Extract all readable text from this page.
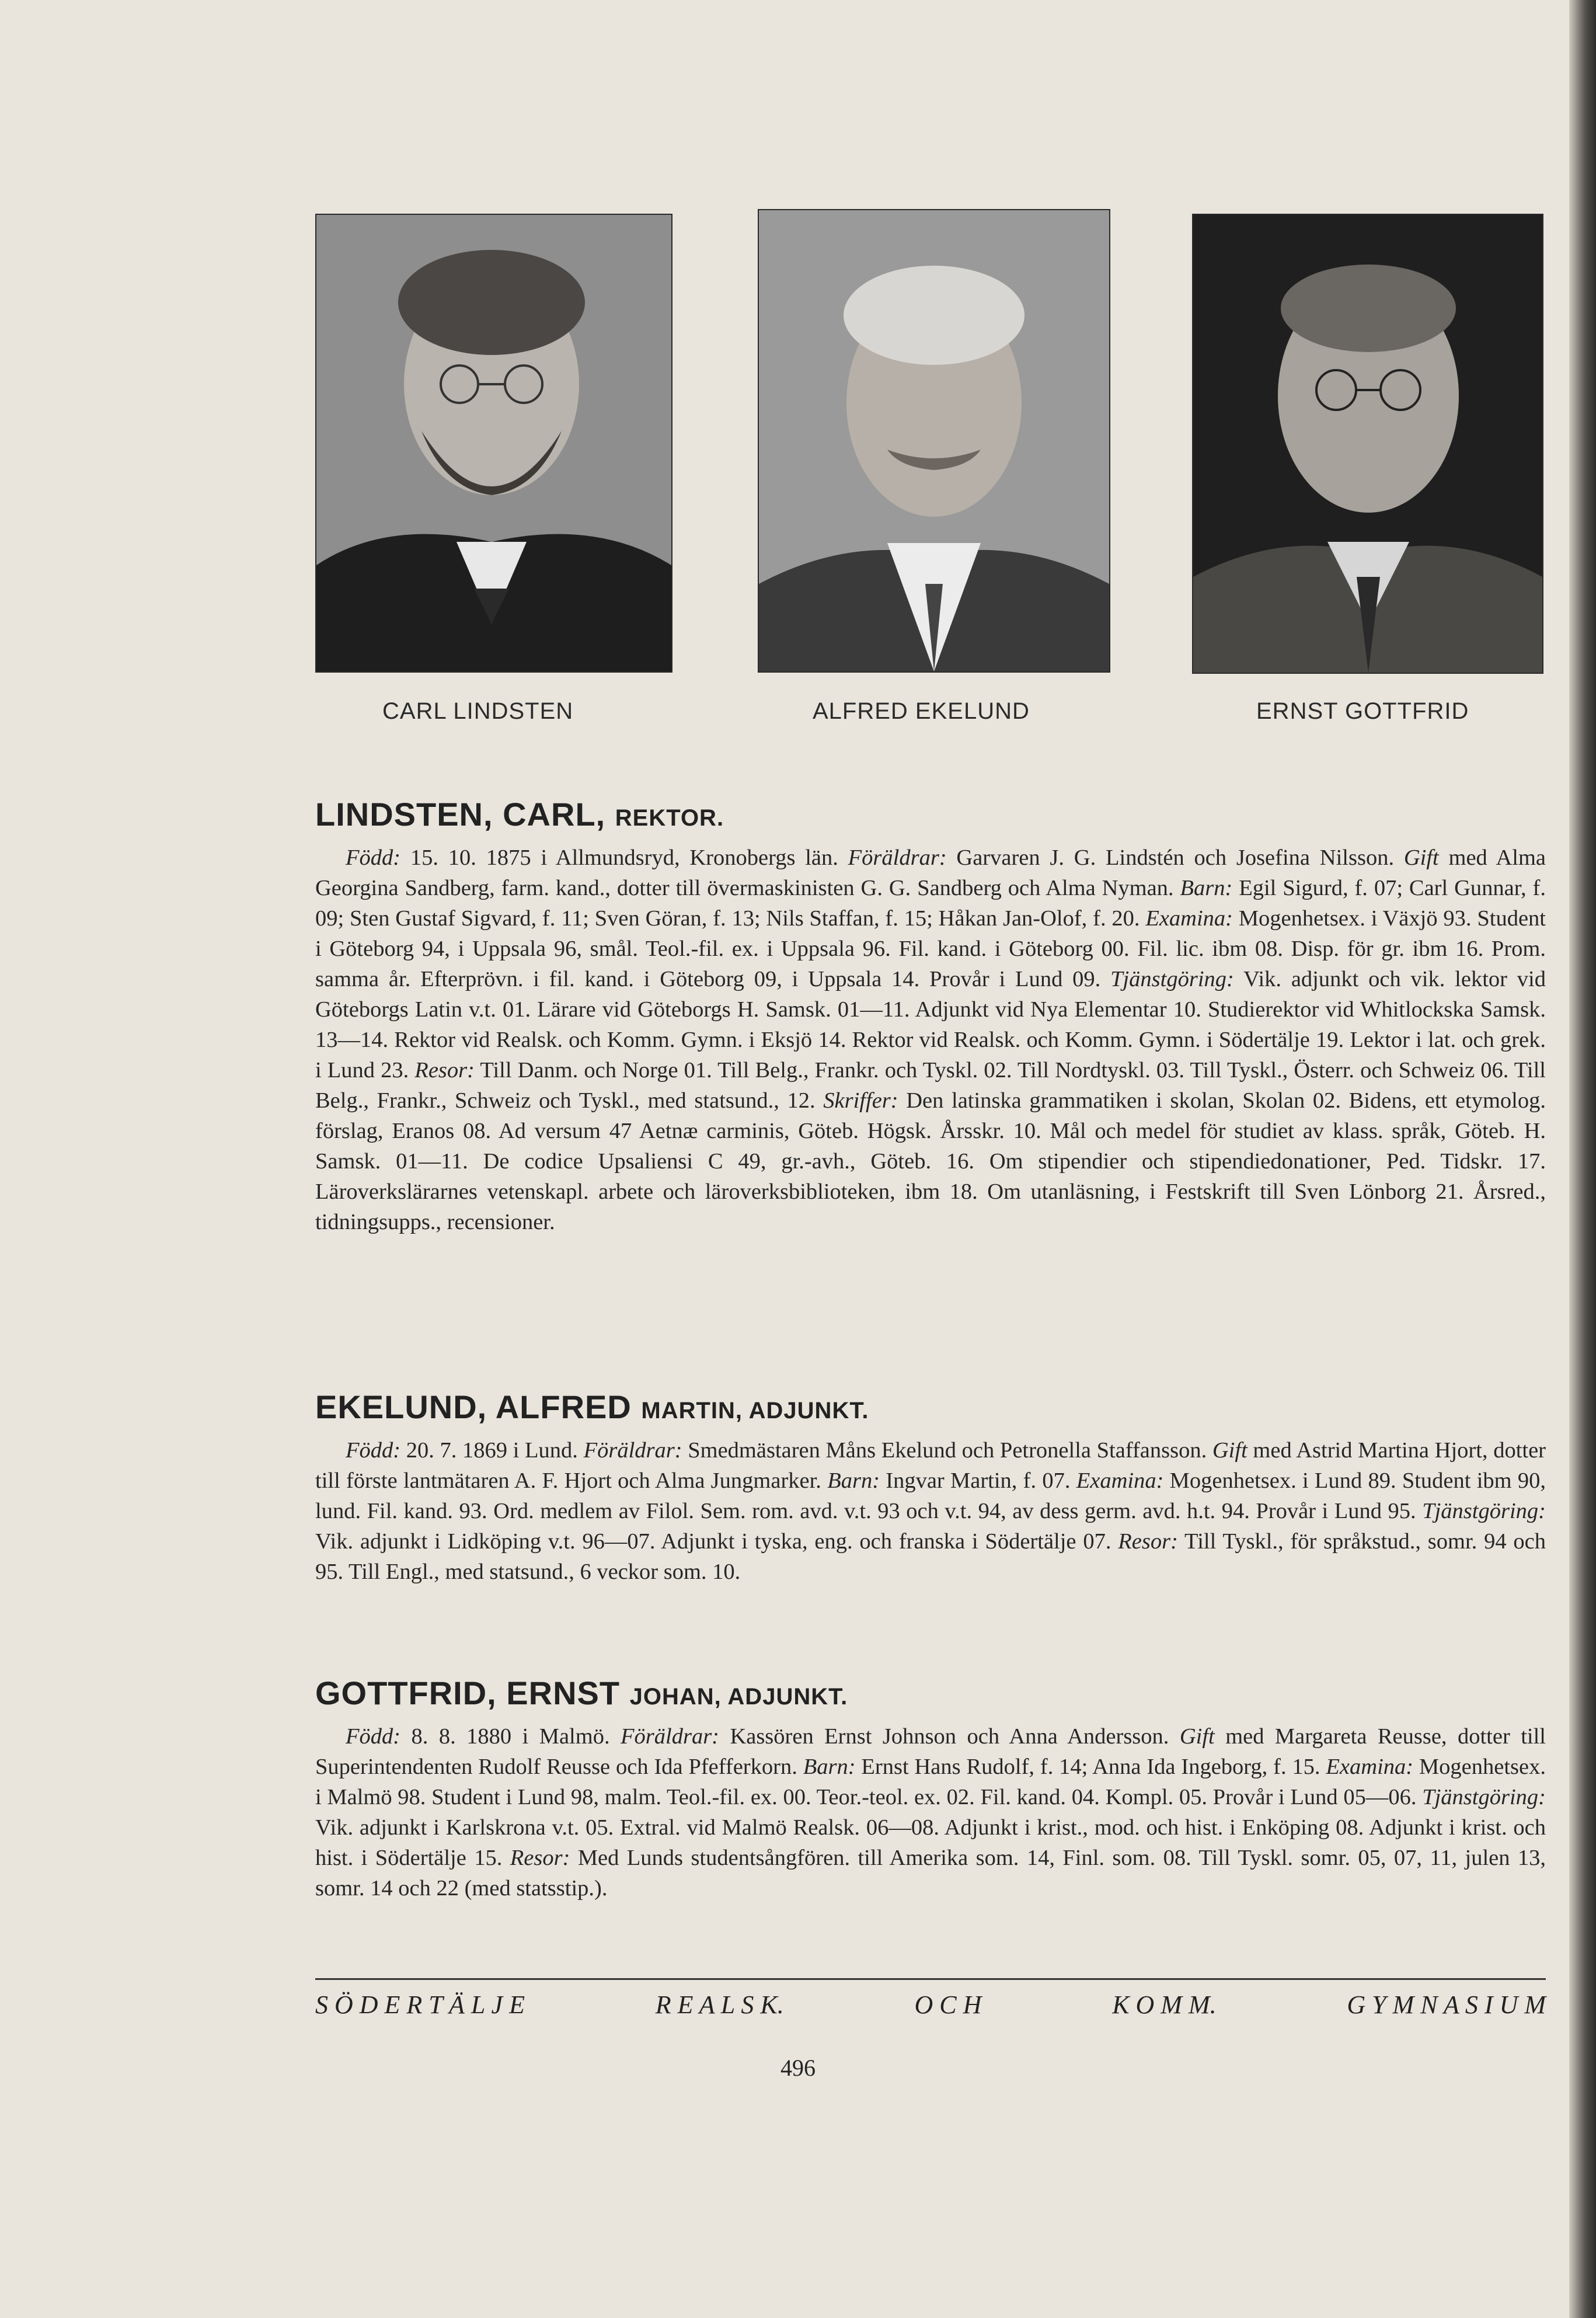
CARL LINDSTEN	ALFRED EKELUND	ERNST GOTTFRID
LINDSTEN, CARL, REKTOR.

Född: 15. 10. 1875 i Allmundsryd, Kronobergs län. Föräldrar: Garvaren J. G. Lindstén och Josefina Nilsson. Gift med Alma Georgina Sandberg, farm. kand., dotter till övermaskinisten G. G. Sandberg och Alma Nyman. Barn: Egil Sigurd, f. 07; Carl Gunnar, f. 09; Sten Gustaf Sigvard, f. 11; Sven Göran, f. 13; Nils Staffan, f. 15; Håkan Jan-Olof, f. 20. Examina: Mogenhetsex. i Växjö 93. Student i Göteborg 94, i Uppsala 96, smål. Teol.-fil. ex. i Uppsala 96. Fil. kand. i Göteborg 00. Fil. lic. ibm 08. Disp. för gr. ibm 16. Prom. samma år. Efterprövn. i fil. kand. i Göteborg 09, i Uppsala 14. Provår i Lund 09. Tjänstgöring: Vik. adjunkt och vik. lektor vid Göteborgs Latin v.t. 01. Lärare vid Göteborgs H. Samsk. 01—11. Adjunkt vid Nya Elementar 10. Studierektor vid Whitlockska Samsk. 13—14. Rektor vid Realsk. och Komm. Gymn. i Eksjö 14. Rektor vid Realsk. och Komm. Gymn. i Södertälje 19. Lektor i lat. och grek. i Lund 23. Resor: Till Danm. och Norge 01. Till Belg., Frankr. och Tyskl. 02. Till Nordtyskl. 03. Till Tyskl., Österr. och Schweiz 06. Till Belg., Frankr., Schweiz och Tyskl., med statsund., 12. Skriffer: Den latinska grammatiken i skolan, Skolan 02. Bidens, ett etymolog. förslag, Eranos 08. Ad versum 47 Aetnæ carminis, Göteb. Högsk. Årsskr. 10. Mål och medel för studiet av klass. språk, Göteb. H. Samsk. 01—11. De codice Upsaliensi C 49, gr.-avh., Göteb. 16. Om stipendier och stipendiedonationer, Ped. Tidskr. 17. Läroverkslärarnes vetenskapl. arbete och läroverksbiblioteken, ibm 18. Om utanläsning, i Festskrift till Sven Lönborg 21. Årsred., tidningsupps., recensioner.

EKELUND, ALFRED MARTIN, ADJUNKT.

Född: 20. 7. 1869 i Lund. Föräldrar: Smedmästaren Måns Ekelund och Petronella Staffansson. Gift med Astrid Martina Hjort, dotter till förste lantmätaren A. F. Hjort och Alma Jungmarker. Barn: Ingvar Martin, f. 07. Examina: Mogenhetsex. i Lund 89. Student ibm 90, lund. Fil. kand. 93. Ord. medlem av Filol. Sem. rom. avd. v.t. 93 och v.t. 94, av dess germ. avd. h.t. 94. Provår i Lund 95. Tjänstgöring: Vik. adjunkt i Lidköping v.t. 96—07. Adjunkt i tyska, eng. och franska i Södertälje 07. Resor: Till Tyskl., för språkstud., somr. 94 och 95. Till Engl., med statsund., 6 veckor som. 10.

GOTTFRID, ERNST JOHAN, ADJUNKT.

Född: 8. 8. 1880 i Malmö. Föräldrar: Kassören Ernst Johnson och Anna Andersson. Gift med Margareta Reusse, dotter till Superintendenten Rudolf Reusse och Ida Pfefferkorn. Barn: Ernst Hans Rudolf, f. 14; Anna Ida Ingeborg, f. 15. Examina: Mogenhetsex. i Malmö 98. Student i Lund 98, malm. Teol.-fil. ex. 00. Teor.-teol. ex. 02. Fil. kand. 04. Kompl. 05. Provår i Lund 05—06. Tjänstgöring: Vik. adjunkt i Karlskrona v.t. 05. Extral. vid Malmö Realsk. 06—08. Adjunkt i krist., mod. och hist. i Enköping 08. Adjunkt i krist. och hist. i Södertälje 15. Resor: Med Lunds studentsångfören. till Amerika som. 14, Finl. som. 08. Till Tyskl. somr. 05, 07, 11, julen 13, somr. 14 och 22 (med statsstip.).

S Ö D E R T Ä L J E	R E A L S K.	O C H	K O M M.	G Y M N A S I U M
496
